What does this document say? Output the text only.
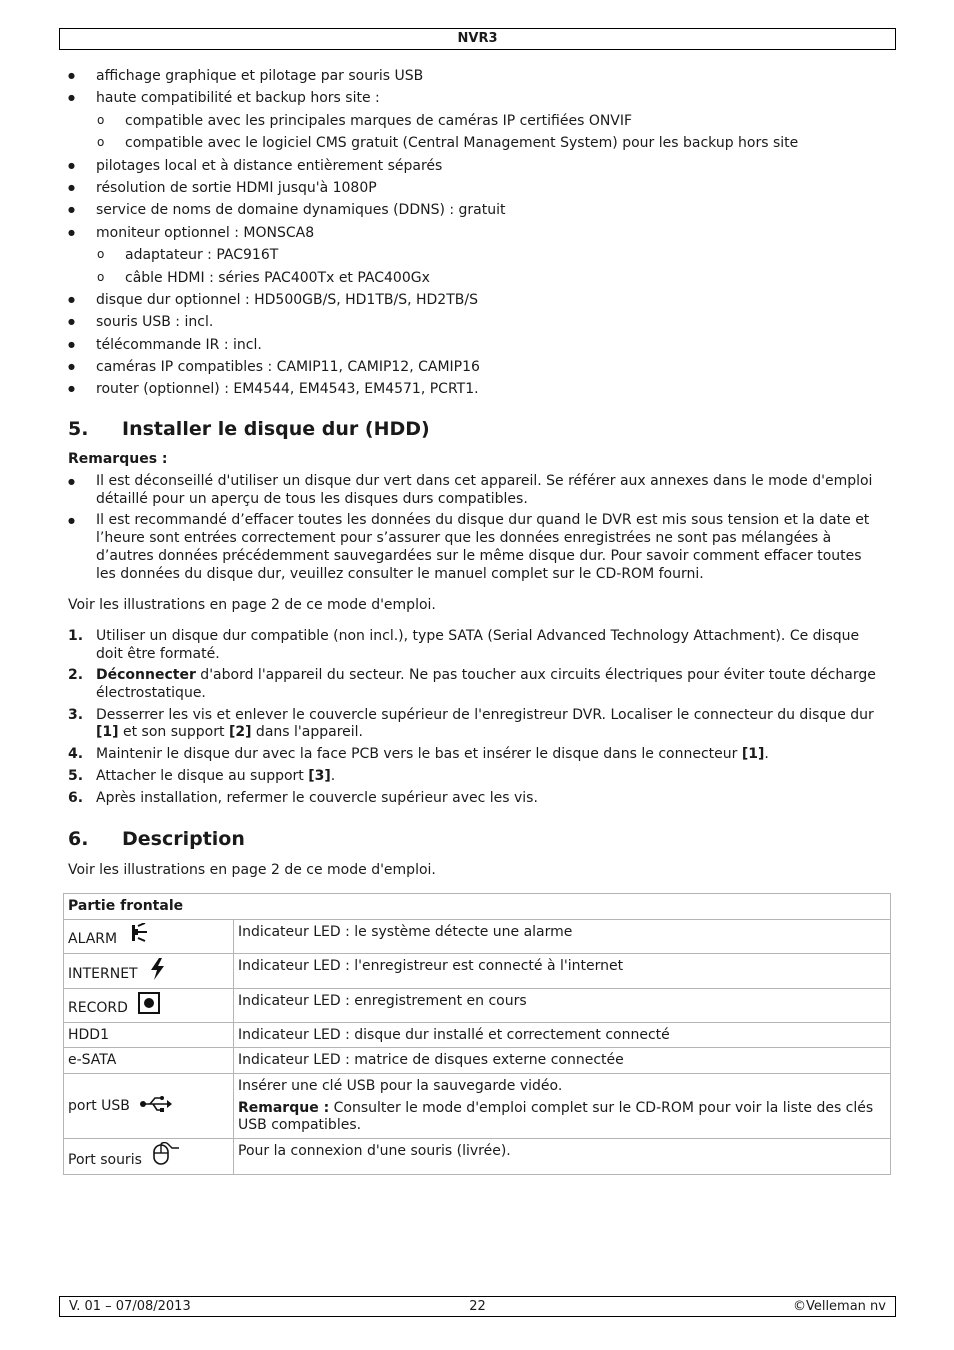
NVR3
● affichage graphique et pilotage par souris USB
● haute compatibilité et backup hors site :
o compatible avec les principales marques de caméras IP certifiées ONVIF
o compatible avec le logiciel CMS gratuit (Central Management System) pour les backup hors site
● pilotages local et à distance entièrement séparés
● résolution de sortie HDMI jusqu'à 1080P
● service de noms de domaine dynamiques (DDNS) : gratuit
● moniteur optionnel : MONSCA8
o adaptateur : PAC916T
o câble HDMI : séries PAC400Tx et PAC400Gx
● disque dur optionnel : HD500GB/S, HD1TB/S, HD2TB/S
● souris USB : incl.
● télécommande IR : incl.
● caméras IP compatibles : CAMIP11, CAMIP12, CAMIP16
● router (optionnel) : EM4544, EM4543, EM4571, PCRT1.
5. Installer le disque dur (HDD)
Remarques :
● Il est déconseillé d'utiliser un disque dur vert dans cet appareil. Se référer aux annexes dans le mode d'emploi détaillé pour un aperçu de tous les disques durs compatibles.
● Il est recommandé d’effacer toutes les données du disque dur quand le DVR est mis sous tension et la date et l’heure sont entrées correctement pour s’assurer que les données enregistrées ne sont pas mélangées à d’autres données précédemment sauvegardées sur le même disque dur. Pour savoir comment effacer toutes les données du disque dur, veuillez consulter le manuel complet sur le CD-ROM fourni.
Voir les illustrations en page 2 de ce mode d'emploi.
1. Utiliser un disque dur compatible (non incl.), type SATA (Serial Advanced Technology Attachment). Ce disque doit être formaté.
2. Déconnecter d'abord l'appareil du secteur. Ne pas toucher aux circuits électriques pour éviter toute décharge électrostatique.
3. Desserrer les vis et enlever le couvercle supérieur de l'enregistreur DVR. Localiser le connecteur du disque dur [1] et son support [2] dans l'appareil.
4. Maintenir le disque dur avec la face PCB vers le bas et insérer le disque dans le connecteur [1].
5. Attacher le disque au support [3].
6. Après installation, refermer le couvercle supérieur avec les vis.
6. Description
Voir les illustrations en page 2 de ce mode d'emploi.
Partie frontale	
ALARM	Indicateur LED : le système détecte une alarme
INTERNET	Indicateur LED : l'enregistreur est connecté à l'internet
RECORD	Indicateur LED : enregistrement en cours
HDD1	Indicateur LED : disque dur installé et correctement connecté
e-SATA	Indicateur LED : matrice de disques externe connectée
port USB	Insérer une clé USB pour la sauvegarde vidéo.
Remarque : Consulter le mode d'emploi complet sur le CD-ROM pour voir la liste des clés USB compatibles.

Port souris	Pour la connexion d'une souris (livrée).
22
V. 01 – 07/08/2013	©Velleman nv
